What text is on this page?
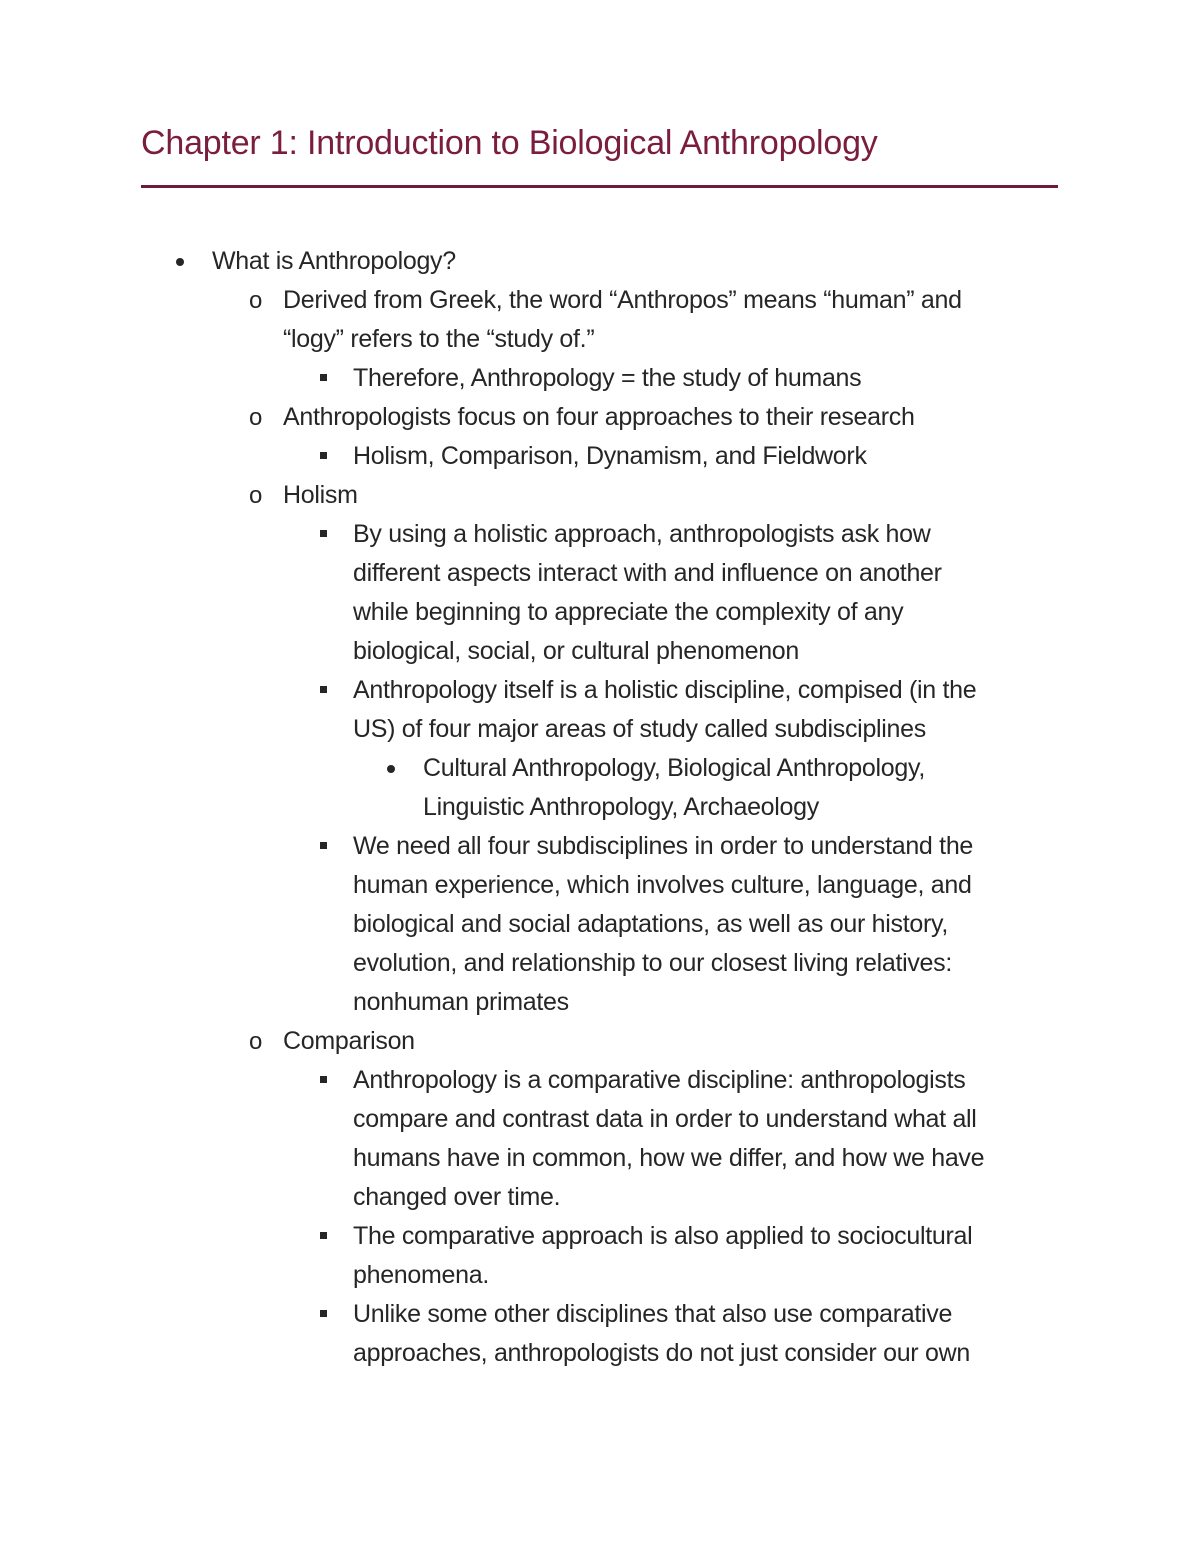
Chapter 1: Introduction to Biological Anthropology
What is Anthropology?
o Derived from Greek, the word “Anthropos” means “human” and
“logy” refers to the “study of.”
Therefore, Anthropology = the study of humans
o Anthropologists focus on four approaches to their research
Holism, Comparison, Dynamism, and Fieldwork
o Holism
By using a holistic approach, anthropologists ask how
different aspects interact with and influence on another
while beginning to appreciate the complexity of any
biological, social, or cultural phenomenon
Anthropology itself is a holistic discipline, compised (in the
US) of four major areas of study called subdisciplines
Cultural Anthropology, Biological Anthropology,
Linguistic Anthropology, Archaeology
We need all four subdisciplines in order to understand the
human experience, which involves culture, language, and
biological and social adaptations, as well as our history,
evolution, and relationship to our closest living relatives:
nonhuman primates
o Comparison
Anthropology is a comparative discipline: anthropologists
compare and contrast data in order to understand what all
humans have in common, how we differ, and how we have
changed over time.
The comparative approach is also applied to sociocultural
phenomena.
Unlike some other disciplines that also use comparative
approaches, anthropologists do not just consider our own
